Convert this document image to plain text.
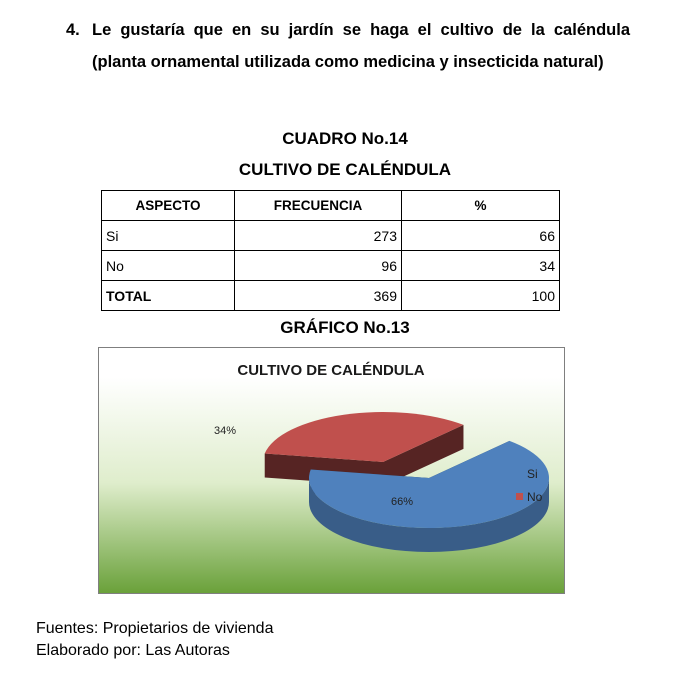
4. Le gustaría que en su jardín se haga el cultivo de la caléndula (planta ornamental utilizada como medicina y insecticida natural)
CUADRO No.14
CULTIVO DE CALÉNDULA
ASPECTO	FRECUENCIA	%
Si	273	66
No	96	34
TOTAL	369	100
GRÁFICO No.13
CULTIVO DE CALÉNDULA
66%
34%
Si
No
Fuentes: Propietarios de vivienda
Elaborado por: Las Autoras
